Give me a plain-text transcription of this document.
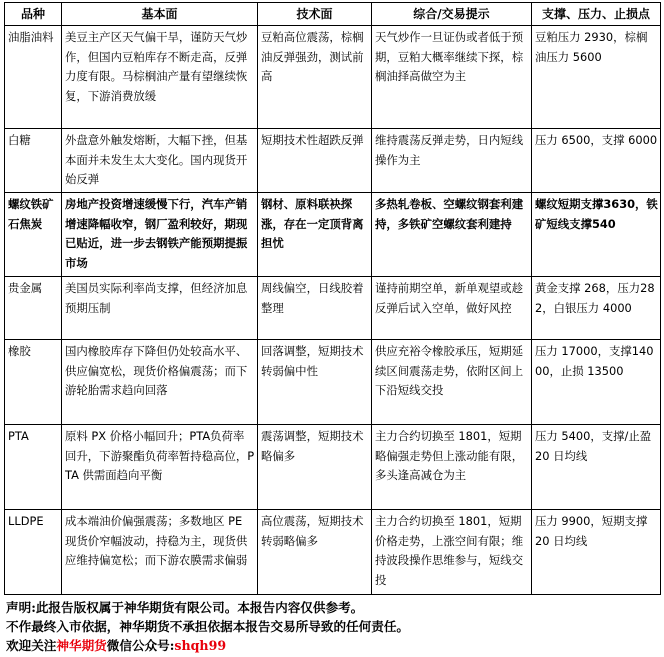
品种	基本面	技术面	综合/交易提示	支撑、压力、止损点
油脂油料	美豆主产区天气偏干旱，谨防天气炒作，但国内豆粕库存不断走高，反弹力度有限。马棕榈油产量有望继续恢复，下游消费放缓	豆粕高位震荡，棕榈油反弹强劲，测试前高	天气炒作一旦证伪或者低于预期，豆粕大概率继续下探，棕榈油择高做空为主	豆粕压力 2930，棕榈油压力 5600
白糖	外盘意外触发熔断，大幅下挫，但基本面并未发生太大变化。国内现货开始反弹	短期技术性超跌反弹	维持震荡反弹走势，日内短线操作为主	压力 6500，支撑 6000
螺纹铁矿石焦炭	房地产投资增速缓慢下行，汽车产销增速降幅收窄，钢厂盈利较好，期现已贴近，进一步去钢铁产能预期提振市场	钢材、原料联袂探涨，存在一定顶背离担忧	多热轧卷板、空螺纹钢套利建持，多铁矿空螺纹套利建持	螺纹短期支撑3630，铁矿短线支撑540
贵金属	美国员实际利率尚支撑，但经济加息预期压制	周线偏空，日线胶着整理	谨持前期空单，新单观望或趁反弹后试入空单，做好风控	黄金支撑 268，压力282，白银压力 4000
橡胶	国内橡胶库存下降但仍处较高水平、供应偏宽松，现货价格偏震荡；而下游轮胎需求趋向回落	回落调整，短期技术转弱偏中性	供应充裕令橡胶承压，短期延续区间震荡走势，依附区间上下沿短线交投	压力 17000，支撑14000，止损 13500
PTA	原料 PX 价格小幅回升；PTA负荷率回升，下游聚酯负荷率暂持稳高位，PTA 供需面趋向平衡	震荡调整，短期技术略偏多	主力合约切换至 1801，短期略偏强走势但上涨动能有限，多头逢高减仓为主	压力 5400，支撑/止盈 20 日均线
LLDPE	成本端油价偏强震荡；多数地区 PE 现货价窄幅波动，持稳为主，现货供应维持偏宽松；而下游农膜需求偏弱	高位震荡，短期技术转弱略偏多	主力合约切换至 1801，短期价格走势，上涨空间有限；维持波段操作思维参与，短线交投	压力 9900，短期支撑 20 日均线
声明:此报告版权属于神华期货有限公司。本报告内容仅供参考。
不作最终入市依据，神华期货不承担依据本报告交易所导致的任何责任。
欢迎关注神华期货微信公众号:shqh99
